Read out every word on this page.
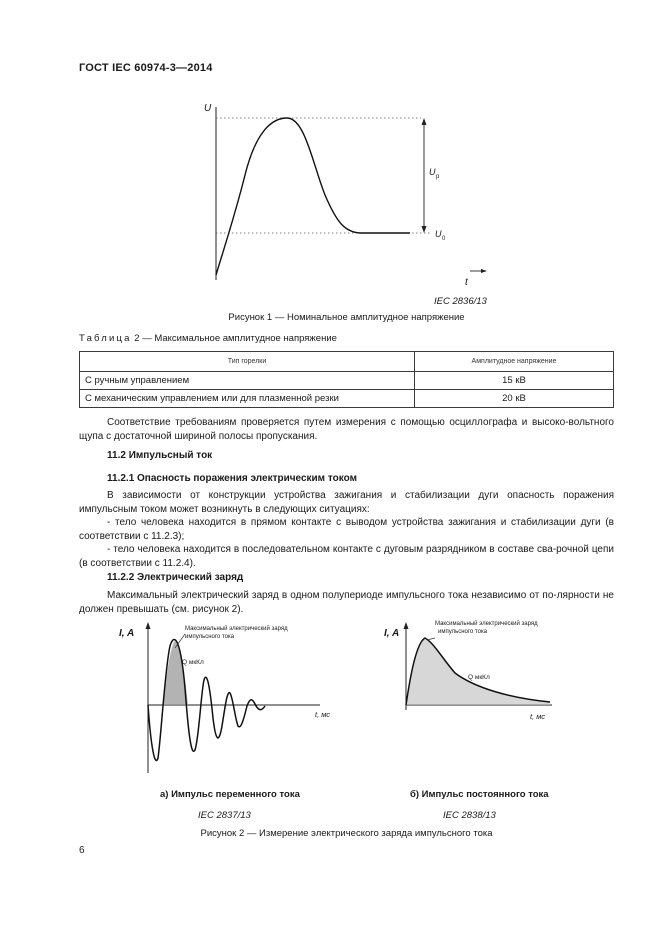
ГОСТ IEC 60974-3—2014
U
t
U p
U 0
IEC 2836/13
Рисунок 1 — Номинальное амплитудное напряжение
Таблица 2 — Максимальное амплитудное напряжение
Тип горелки	Амплитудное напряжение
С ручным управлением	15 кВ
С механическим управлением или для плазменной резки	20 кВ
Соответствие требованиям проверяется путем измерения с помощью осциллографа и высоко-вольтного щупа с достаточной шириной полосы пропускания.
11.2 Импульсный ток
11.2.1 Опасность поражения электрическим током
В зависимости от конструкции устройства зажигания и стабилизации дуги опасность поражения импульсным током может возникнуть в следующих ситуациях:
- тело человека находится в прямом контакте с выводом устройства зажигания и стабилизации дуги (в соответствии с 11.2.3);
- тело человека находится в последовательном контакте с дуговым разрядником в составе сва-рочной цепи (в соответствии с 11.2.4).
11.2.2 Электрический заряд
Максимальный электрический заряд в одном полупериоде импульсного тока независимо от по-лярности не должен превышать (см. рисунок 2).
I, A	Максимальный электрический заряд
импульсного тока
Q мкКл
t, мс
I, A
Максимальный электрический заряд
импульсного тока
Q мкКл
t, мс
а) Импульс переменного тока	б) Импульс постоянного тока
IEC 2837/13	IEC 2838/13
Рисунок 2 — Измерение электрического заряда импульсного тока
6
